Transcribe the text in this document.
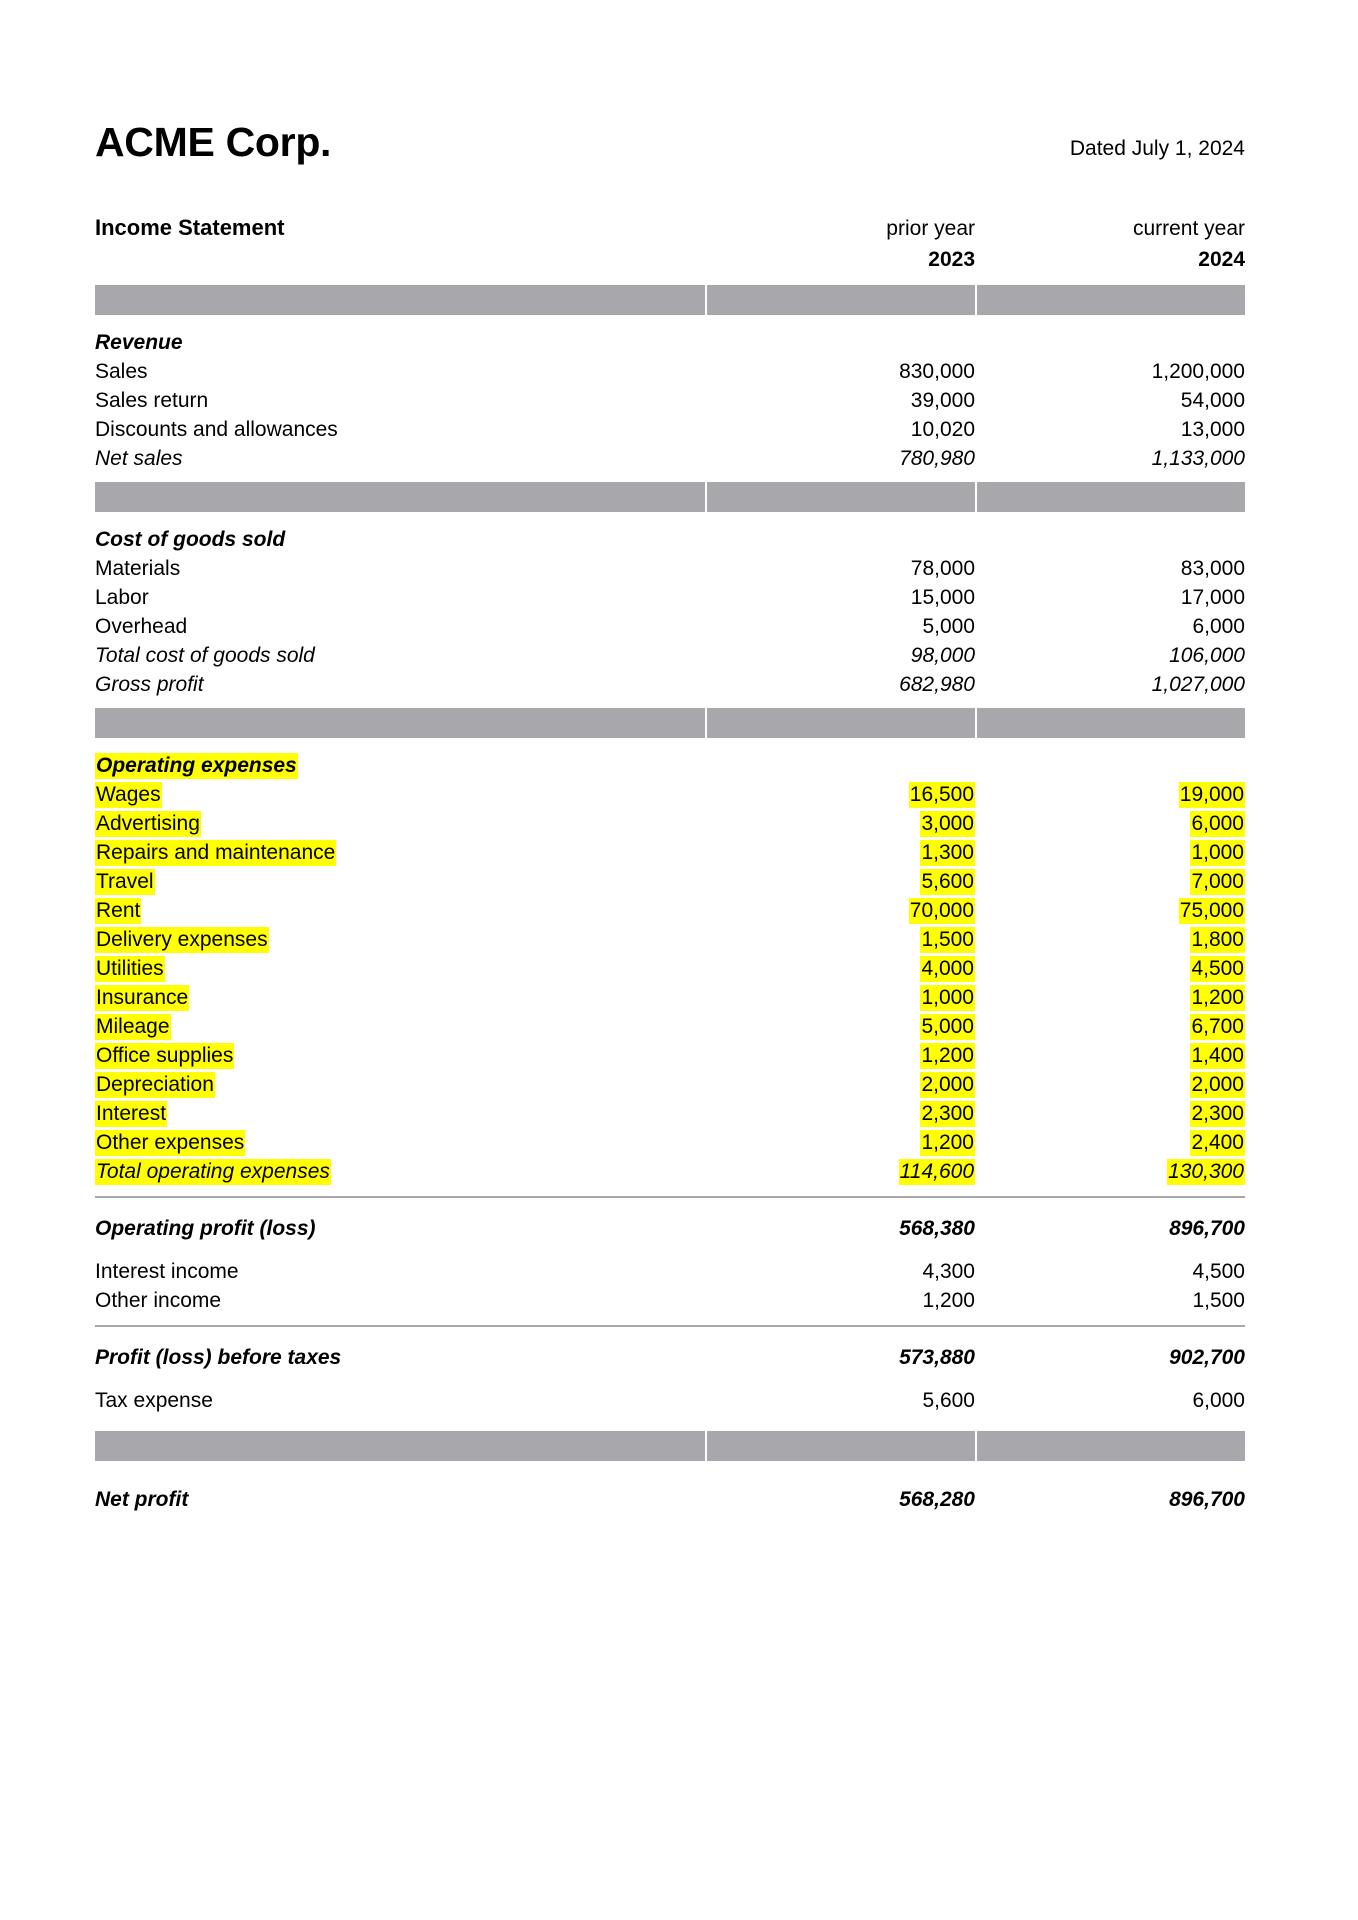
ACME Corp.	Dated July 1, 2024
Income Statement	prior year	current year
	2023	2024

Revenue		
Sales	830,000	1,200,000
Sales return	39,000	54,000
Discounts and allowances	10,020	13,000
Net sales	780,980	1,133,000

Cost of goods sold		
Materials	78,000	83,000
Labor	15,000	17,000
Overhead	5,000	6,000
Total cost of goods sold	98,000	106,000
Gross profit	682,980	1,027,000

Operating expenses		
Wages	16,500	19,000
Advertising	3,000	6,000
Repairs and maintenance	1,300	1,000
Travel	5,600	7,000
Rent	70,000	75,000
Delivery expenses	1,500	1,800
Utilities	4,000	4,500
Insurance	1,000	1,200
Mileage	5,000	6,700
Office supplies	1,200	1,400
Depreciation	2,000	2,000
Interest	2,300	2,300
Other expenses	1,200	2,400
Total operating expenses	114,600	130,300

Operating profit (loss)	568,380	896,700

Interest income	4,300	4,500
Other income	1,200	1,500

Profit (loss) before taxes	573,880	902,700

Tax expense	5,600	6,000

Net profit	568,280	896,700
